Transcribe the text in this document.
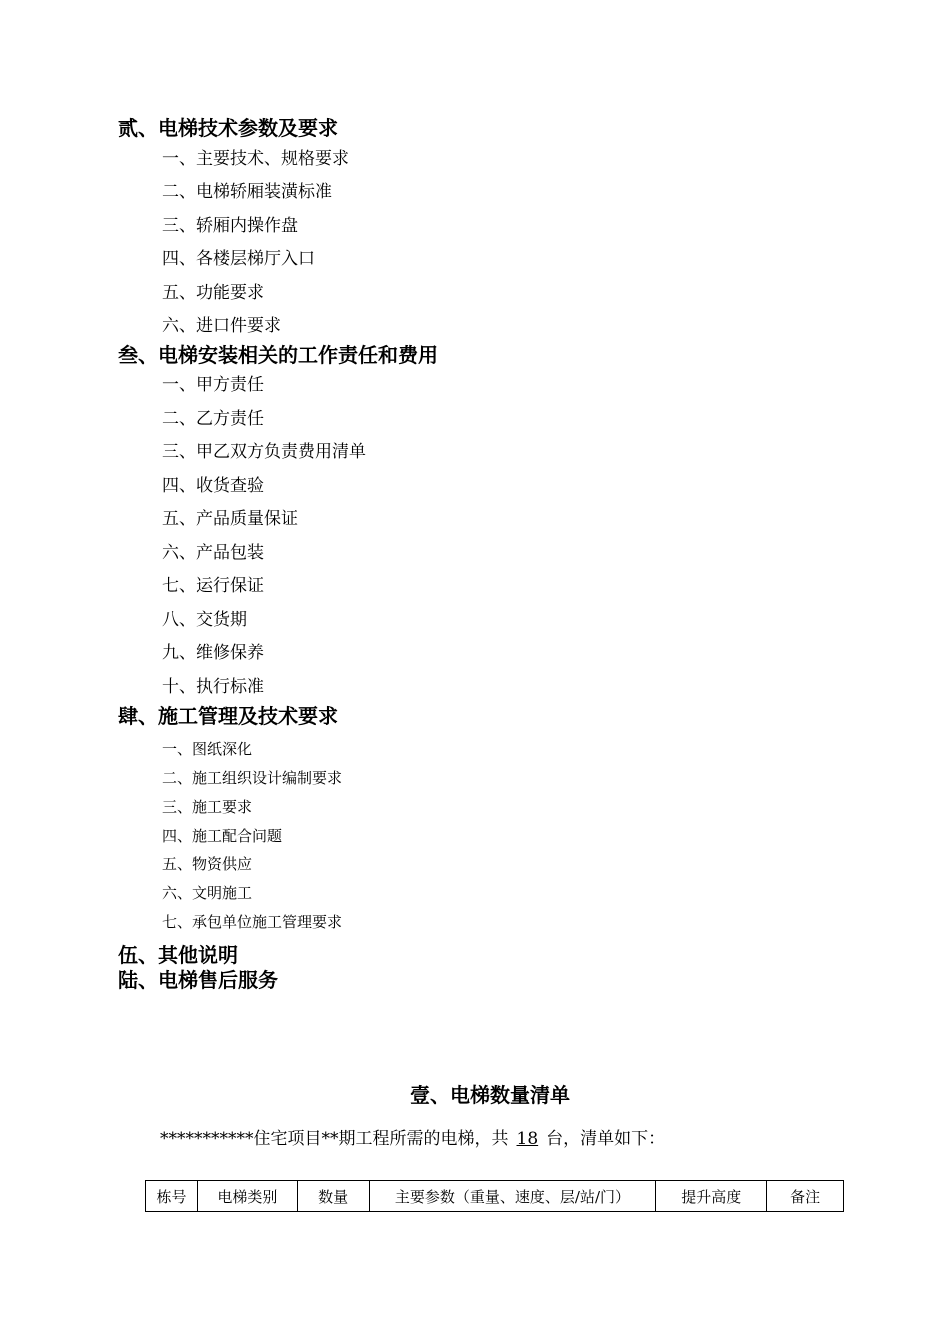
贰、电梯技术参数及要求
一、主要技术、规格要求
二、电梯轿厢装潢标准
三、轿厢内操作盘
四、各楼层梯厅入口
五、功能要求
六、进口件要求
叁、电梯安装相关的工作责任和费用
一、甲方责任
二、乙方责任
三、甲乙双方负责费用清单
四、收货查验
五、产品质量保证
六、产品包装
七、运行保证
八、交货期
九、维修保养
十、执行标准
肆、施工管理及技术要求
一、图纸深化
二、施工组织设计编制要求
三、施工要求
四、施工配合问题
五、物资供应
六、文明施工
七、承包单位施工管理要求
伍、其他说明
陆、电梯售后服务
壹、电梯数量清单

***********住宅项目**期工程所需的电梯，共 18 台，清单如下：

栋号	电梯类别	数量	主要参数（重量、速度、层/站/门）	提升高度	备注
